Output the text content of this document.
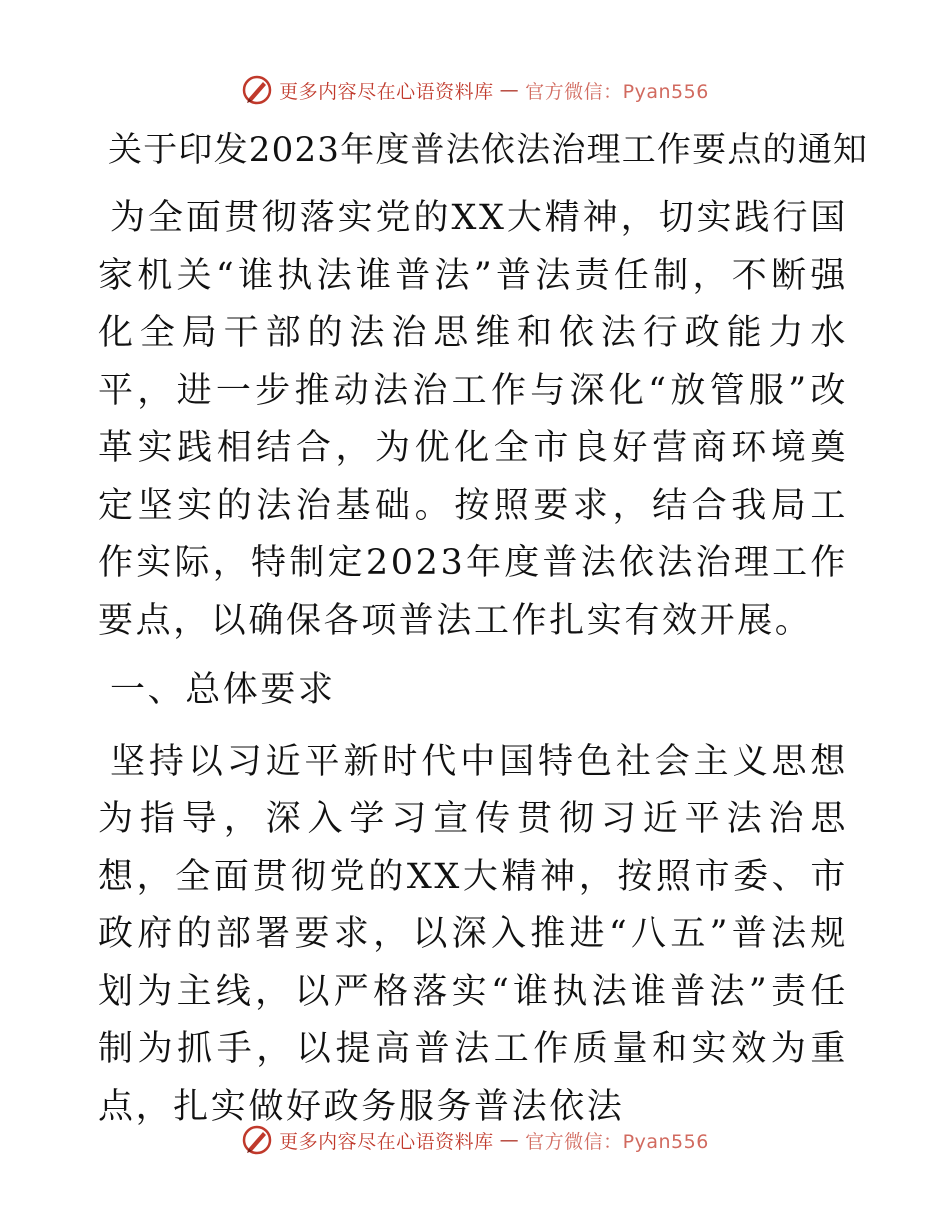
更多内容尽在心语资料库 — 官方微信：Pyan556
关于印发2023年度普法依法治理工作要点的通知

为全面贯彻落实党的XX大精神，切实践行国家机关“谁执法谁普法”普法责任制，不断强化全局干部的法治思维和依法行政能力水平，进一步推动法治工作与深化“放管服”改革实践相结合，为优化全市良好营商环境奠定坚实的法治基础。按照要求，结合我局工作实际，特制定2023年度普法依法治理工作要点，以确保各项普法工作扎实有效开展。

一、总体要求

坚持以习近平新时代中国特色社会主义思想为指导，深入学习宣传贯彻习近平法治思想，全面贯彻党的XX大精神，按照市委、市政府的部署要求，以深入推进“八五”普法规划为主线，以严格落实“谁执法谁普法”责任制为抓手，以提高普法工作质量和实效为重点，扎实做好政务服务普法依法

更多内容尽在心语资料库 — 官方微信：Pyan556
